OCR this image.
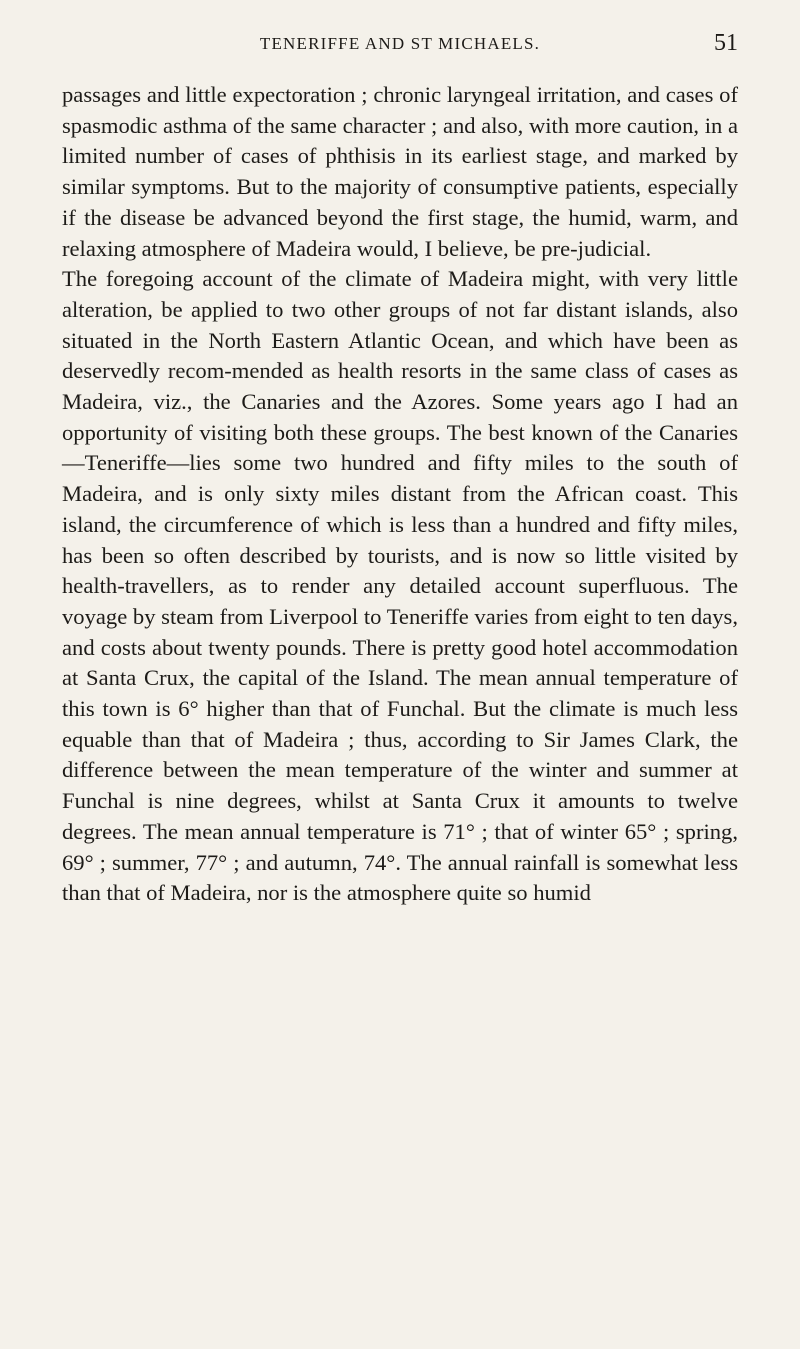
TENERIFFE AND ST MICHAELS.	51

passages and little expectoration ; chronic laryngeal irritation, and cases of spasmodic asthma of the same character ; and also, with more caution, in a limited number of cases of phthisis in its earliest stage, and marked by similar symptoms. But to the majority of consumptive patients, especially if the disease be advanced beyond the first stage, the humid, warm, and relaxing atmosphere of Madeira would, I believe, be pre-judicial.

The foregoing account of the climate of Madeira might, with very little alteration, be applied to two other groups of not far distant islands, also situated in the North Eastern Atlantic Ocean, and which have been as deservedly recom-mended as health resorts in the same class of cases as Madeira, viz., the Canaries and the Azores. Some years ago I had an opportunity of visiting both these groups. The best known of the Canaries—Teneriffe—lies some two hundred and fifty miles to the south of Madeira, and is only sixty miles distant from the African coast. This island, the circumference of which is less than a hundred and fifty miles, has been so often described by tourists, and is now so little visited by health-travellers, as to render any detailed account superfluous. The voyage by steam from Liverpool to Teneriffe varies from eight to ten days, and costs about twenty pounds. There is pretty good hotel accommodation at Santa Crux, the capital of the Island. The mean annual temperature of this town is 6° higher than that of Funchal. But the climate is much less equable than that of Madeira ; thus, according to Sir James Clark, the difference between the mean temperature of the winter and summer at Funchal is nine degrees, whilst at Santa Crux it amounts to twelve degrees. The mean annual temperature is 71° ; that of winter 65° ; spring, 69° ; summer, 77° ; and autumn, 74°. The annual rainfall is somewhat less than that of Madeira, nor is the atmosphere quite so humid
